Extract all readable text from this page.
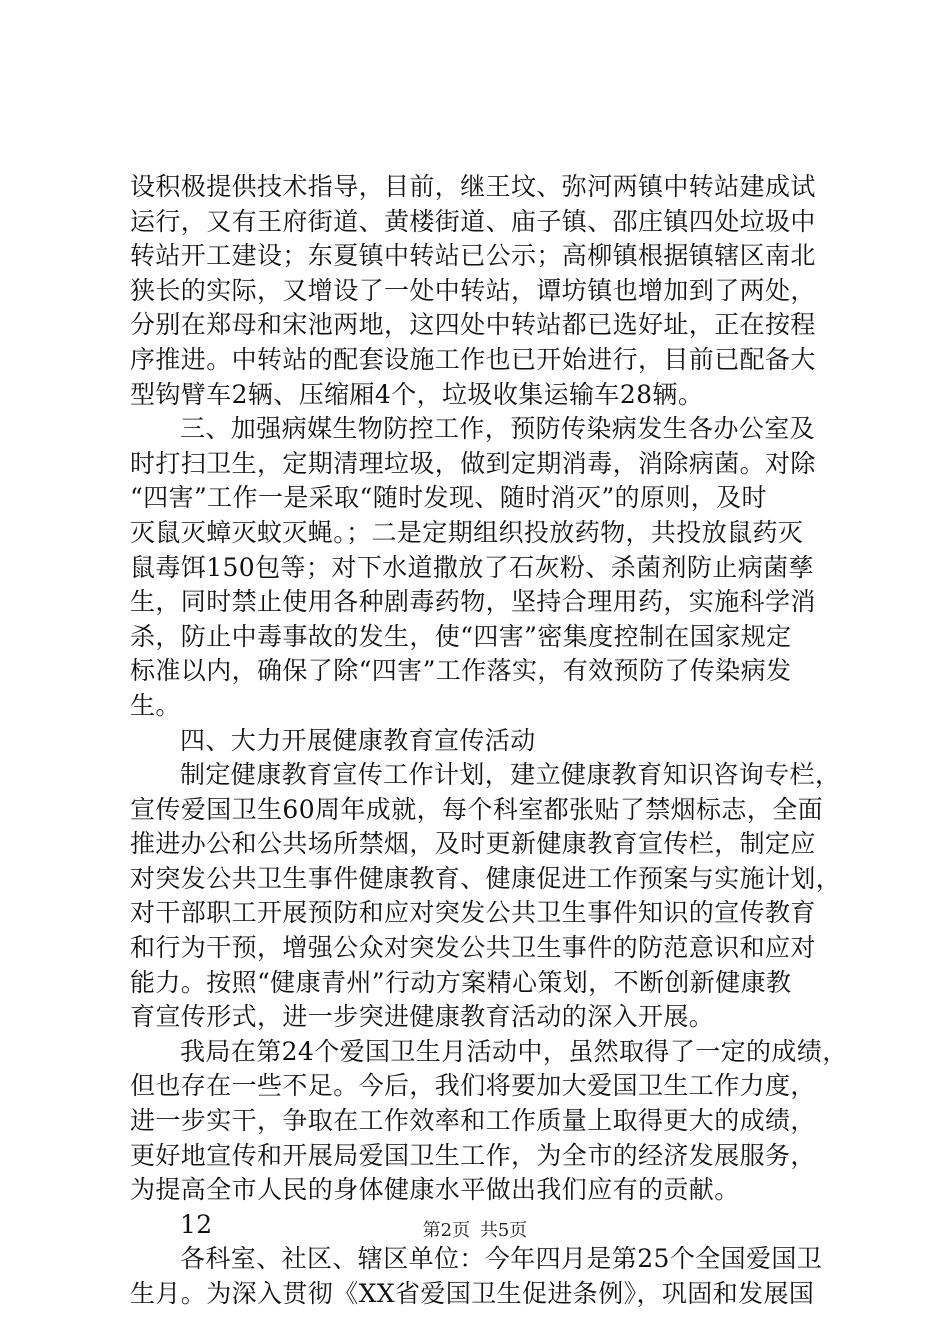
设积极提供技术指导，目前，继王坟、弥河两镇中转站建成试
运行，又有王府街道、黄楼街道、庙子镇、邵庄镇四处垃圾中
转站开工建设；东夏镇中转站已公示；高柳镇根据镇辖区南北
狭长的实际，又增设了一处中转站，谭坊镇也增加到了两处，
分别在郑母和宋池两地，这四处中转站都已选好址，正在按程
序推进。中转站的配套设施工作也已开始进行，目前已配备大
型钩臂车2辆、压缩厢4个，垃圾收集运输车28辆。
三、加强病媒生物防控工作，预防传染病发生各办公室及
时打扫卫生，定期清理垃圾，做到定期消毒，消除病菌。对除
“四害”工作一是采取“随时发现、随时消灭”的原则，及时
灭鼠灭蟑灭蚊灭蝇。；二是定期组织投放药物，共投放鼠药灭
鼠毒饵150包等；对下水道撒放了石灰粉、杀菌剂防止病菌孳
生，同时禁止使用各种剧毒药物，坚持合理用药，实施科学消
杀，防止中毒事故的发生，使“四害”密集度控制在国家规定
标准以内，确保了除“四害”工作落实，有效预防了传染病发
生。
四、大力开展健康教育宣传活动
制定健康教育宣传工作计划，建立健康教育知识咨询专栏，
宣传爱国卫生60周年成就，每个科室都张贴了禁烟标志，全面
推进办公和公共场所禁烟，及时更新健康教育宣传栏，制定应
对突发公共卫生事件健康教育、健康促进工作预案与实施计划，
对干部职工开展预防和应对突发公共卫生事件知识的宣传教育
和行为干预，增强公众对突发公共卫生事件的防范意识和应对
能力。按照“健康青州”行动方案精心策划，不断创新健康教
育宣传形式，进一步突进健康教育活动的深入开展。
我局在第24个爱国卫生月活动中，虽然取得了一定的成绩，
但也存在一些不足。今后，我们将要加大爱国卫生工作力度，
进一步实干，争取在工作效率和工作质量上取得更大的成绩，
更好地宣传和开展局爱国卫生工作，为全市的经济发展服务，
为提高全市人民的身体健康水平做出我们应有的贡献。
12
各科室、社区、辖区单位：今年四月是第25个全国爱国卫
生月。为深入贯彻《XX省爱国卫生促进条例》，巩固和发展国
第2页 共5页
